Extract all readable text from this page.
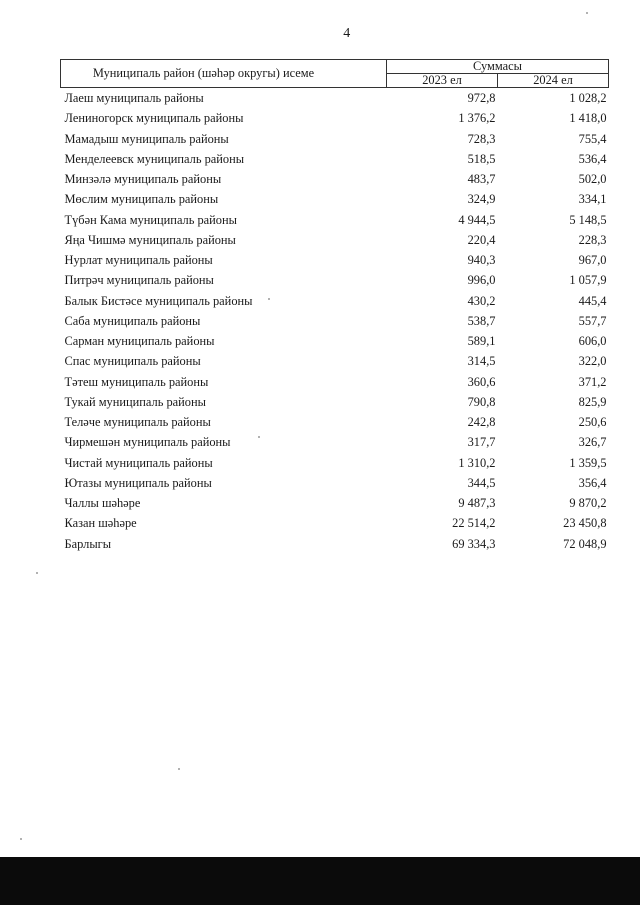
4
Муниципаль район (шәһәр округы) исеме	Суммасы	
	2023 ел	2024 ел
Лаеш муниципаль районы	972,8	1 028,2
Лениногорск муниципаль районы	1 376,2	1 418,0
Мамадыш муниципаль районы	728,3	755,4
Менделеевск муниципаль районы	518,5	536,4
Минзәлә муниципаль районы	483,7	502,0
Мөслим муниципаль районы	324,9	334,1
Түбән Кама муниципаль районы	4 944,5	5 148,5
Яңа Чишмә муниципаль районы	220,4	228,3
Нурлат муниципаль районы	940,3	967,0
Питрәч муниципаль районы	996,0	1 057,9
Балык Бистәсе муниципаль районы	430,2	445,4
Саба муниципаль районы	538,7	557,7
Сарман муниципаль районы	589,1	606,0
Спас муниципаль районы	314,5	322,0
Тәтеш муниципаль районы	360,6	371,2
Тукай муниципаль районы	790,8	825,9
Теләче муниципаль районы	242,8	250,6
Чирмешән муниципаль районы	317,7	326,7
Чистай муниципаль районы	1 310,2	1 359,5
Ютазы муниципаль районы	344,5	356,4
Чаллы шәһәре	9 487,3	9 870,2
Казан шәһәре	22 514,2	23 450,8
Барлыгы	69 334,3	72 048,9
